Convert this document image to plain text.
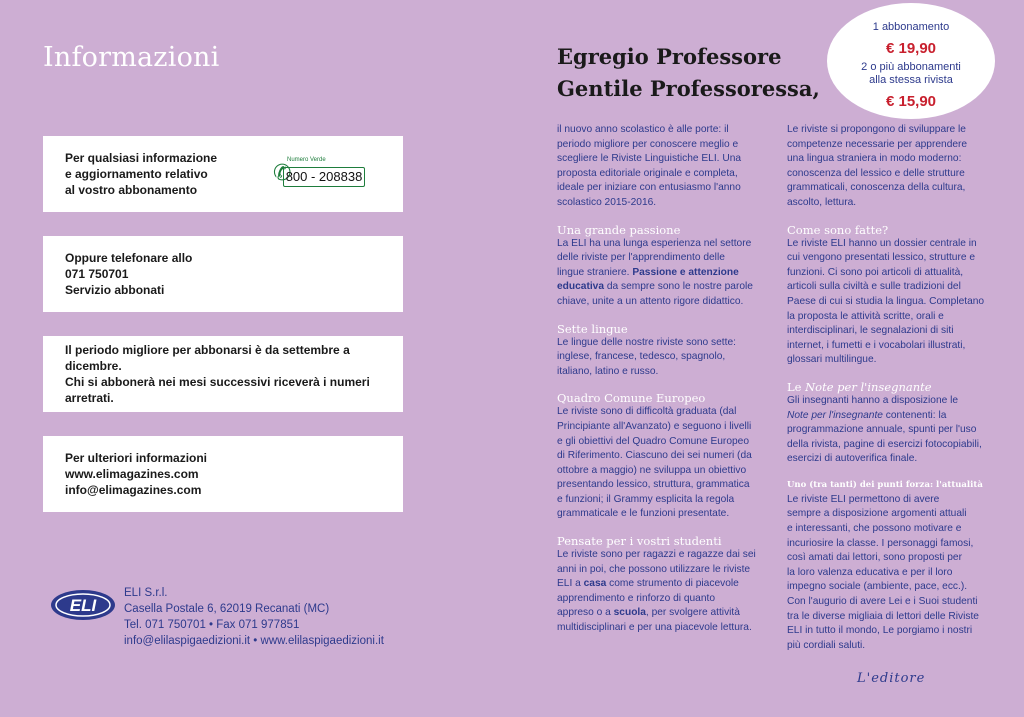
Informazioni
Per qualsiasi informazione
e aggiornamento relativo
al vostro abbonamento
✆
Numero Verde
800 - 208838
Oppure telefonare allo
071 750701
Servizio abbonati
Il periodo migliore per abbonarsi è da settembre a dicembre.
Chi si abbonerà nei mesi successivi riceverà i numeri arretrati.
Per ulteriori informazioni
www.elimagazines.com
info@elimagazines.com
ELI
ELI S.r.l.
Casella Postale 6, 62019 Recanati (MC)
Tel. 071 750701 • Fax 071 977851
info@elilaspigaedizioni.it • www.elilaspigaedizioni.it
Egregio Professore
Gentile Professoressa,
1 abbonamento
€ 19,90
2 o più abbonamenti
alla stessa rivista
€ 15,90

il nuovo anno scolastico è alle porte: il
periodo migliore per conoscere meglio e
scegliere le Riviste Linguistiche ELI. Una
proposta editoriale originale e completa,
ideale per iniziare con entusiasmo l'anno
scolastico 2015-2016.

Una grande passione

La ELI ha una lunga esperienza nel settore
delle riviste per l'apprendimento delle
lingue straniere. Passione e attenzione
educativa da sempre sono le nostre parole
chiave, unite a un attento rigore didattico.

Sette lingue

Le lingue delle nostre riviste sono sette:
inglese, francese, tedesco, spagnolo,
italiano, latino e russo.

Quadro Comune Europeo

Le riviste sono di difficoltà graduata (dal
Principiante all'Avanzato) e seguono i livelli
e gli obiettivi del Quadro Comune Europeo
di Riferimento. Ciascuno dei sei numeri (da
ottobre a maggio) ne sviluppa un obiettivo
presentando lessico, struttura, grammatica
e funzioni; il Grammy esplicita la regola
grammaticale e le funzioni presentate.

Pensate per i vostri studenti

Le riviste sono per ragazzi e ragazze dai sei
anni in poi, che possono utilizzare le riviste
ELI a casa come strumento di piacevole
apprendimento e rinforzo di quanto
appreso o a scuola, per svolgere attività
multidisciplinari e per una piacevole lettura.

Le riviste si propongono di sviluppare le
competenze necessarie per apprendere
una lingua straniera in modo moderno:
conoscenza del lessico e delle strutture
grammaticali, conoscenza della cultura,
ascolto, lettura.

Come sono fatte?

Le riviste ELI hanno un dossier centrale in
cui vengono presentati lessico, strutture e
funzioni. Ci sono poi articoli di attualità,
articoli sulla civiltà e sulle tradizioni del
Paese di cui si studia la lingua. Completano
la proposta le attività scritte, orali e
interdisciplinari, le segnalazioni di siti
internet, i fumetti e i vocabolari illustrati,
glossari multilingue.

Le Note per l'insegnante

Gli insegnanti hanno a disposizione le
Note per l'insegnante contenenti: la
programmazione annuale, spunti per l'uso
della rivista, pagine di esercizi fotocopiabili,
esercizi di autoverifica finale.

Uno (tra tanti) dei punti forza: l'attualità

Le riviste ELI permettono di avere
sempre a disposizione argomenti attuali
e interessanti, che possono motivare e
incuriosire la classe. I personaggi famosi,
così amati dai lettori, sono proposti per
la loro valenza educativa e per il loro
impegno sociale (ambiente, pace, ecc.).
Con l'augurio di avere Lei e i Suoi studenti
tra le diverse migliaia di lettori delle Riviste
ELI in tutto il mondo, Le porgiamo i nostri
più cordiali saluti.

L'editore
